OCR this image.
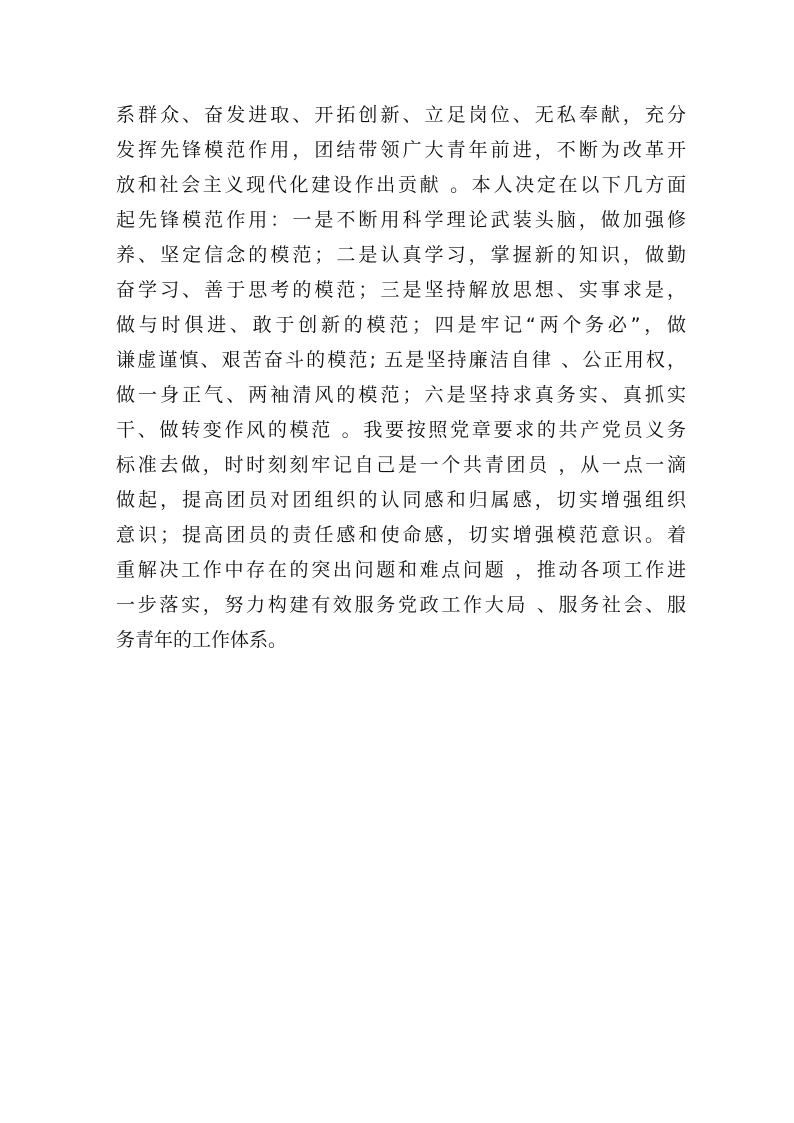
系群众、奋发进取、开拓创新、立足岗位、无私奉献，充分
发挥先锋模范作用，团结带领广大青年前进，不断为改革开
放和社会主义现代化建设作出贡献 。本人决定在以下几方面
起先锋模范作用：一是不断用科学理论武装头脑，做加强修
养、坚定信念的模范；二是认真学习，掌握新的知识，做勤
奋学习、善于思考的模范；三是坚持解放思想、实事求是，
做与时俱进、敢于创新的模范；四是牢记“两个务必”，做
谦虚谨慎、艰苦奋斗的模范; 五是坚持廉洁自律 、公正用权，
做一身正气、两袖清风的模范；六是坚持求真务实、真抓实
干、做转变作风的模范 。我要按照党章要求的共产党员义务
标准去做，时时刻刻牢记自己是一个共青团员 ，从一点一滴
做起，提高团员对团组织的认同感和归属感，切实增强组织
意识；提高团员的责任感和使命感，切实增强模范意识。着
重解决工作中存在的突出问题和难点问题 ，推动各项工作进
一步落实，努力构建有效服务党政工作大局 、服务社会、服
务青年的工作体系。
